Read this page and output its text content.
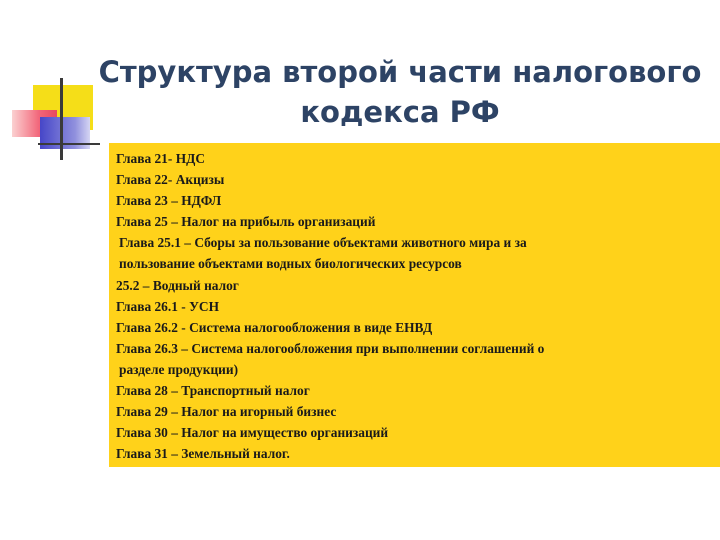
Структура второй части налогового
кодекса РФ
Глава 21- НДС
Глава 22- Акцизы
Глава 23 – НДФЛ
Глава 25 – Налог на прибыль организаций
Глава 25.1 – Сборы за пользование объектами животного мира и за
пользование объектами водных биологических ресурсов
25.2 – Водный налог
Глава 26.1 - УСН
Глава 26.2 - Система налогообложения в виде ЕНВД
Глава 26.3 – Система налогообложения при выполнении соглашений о
разделе продукции)
Глава 28 – Транспортный налог
Глава 29 – Налог на игорный бизнес
Глава 30 – Налог на имущество организаций
Глава 31 – Земельный налог.
